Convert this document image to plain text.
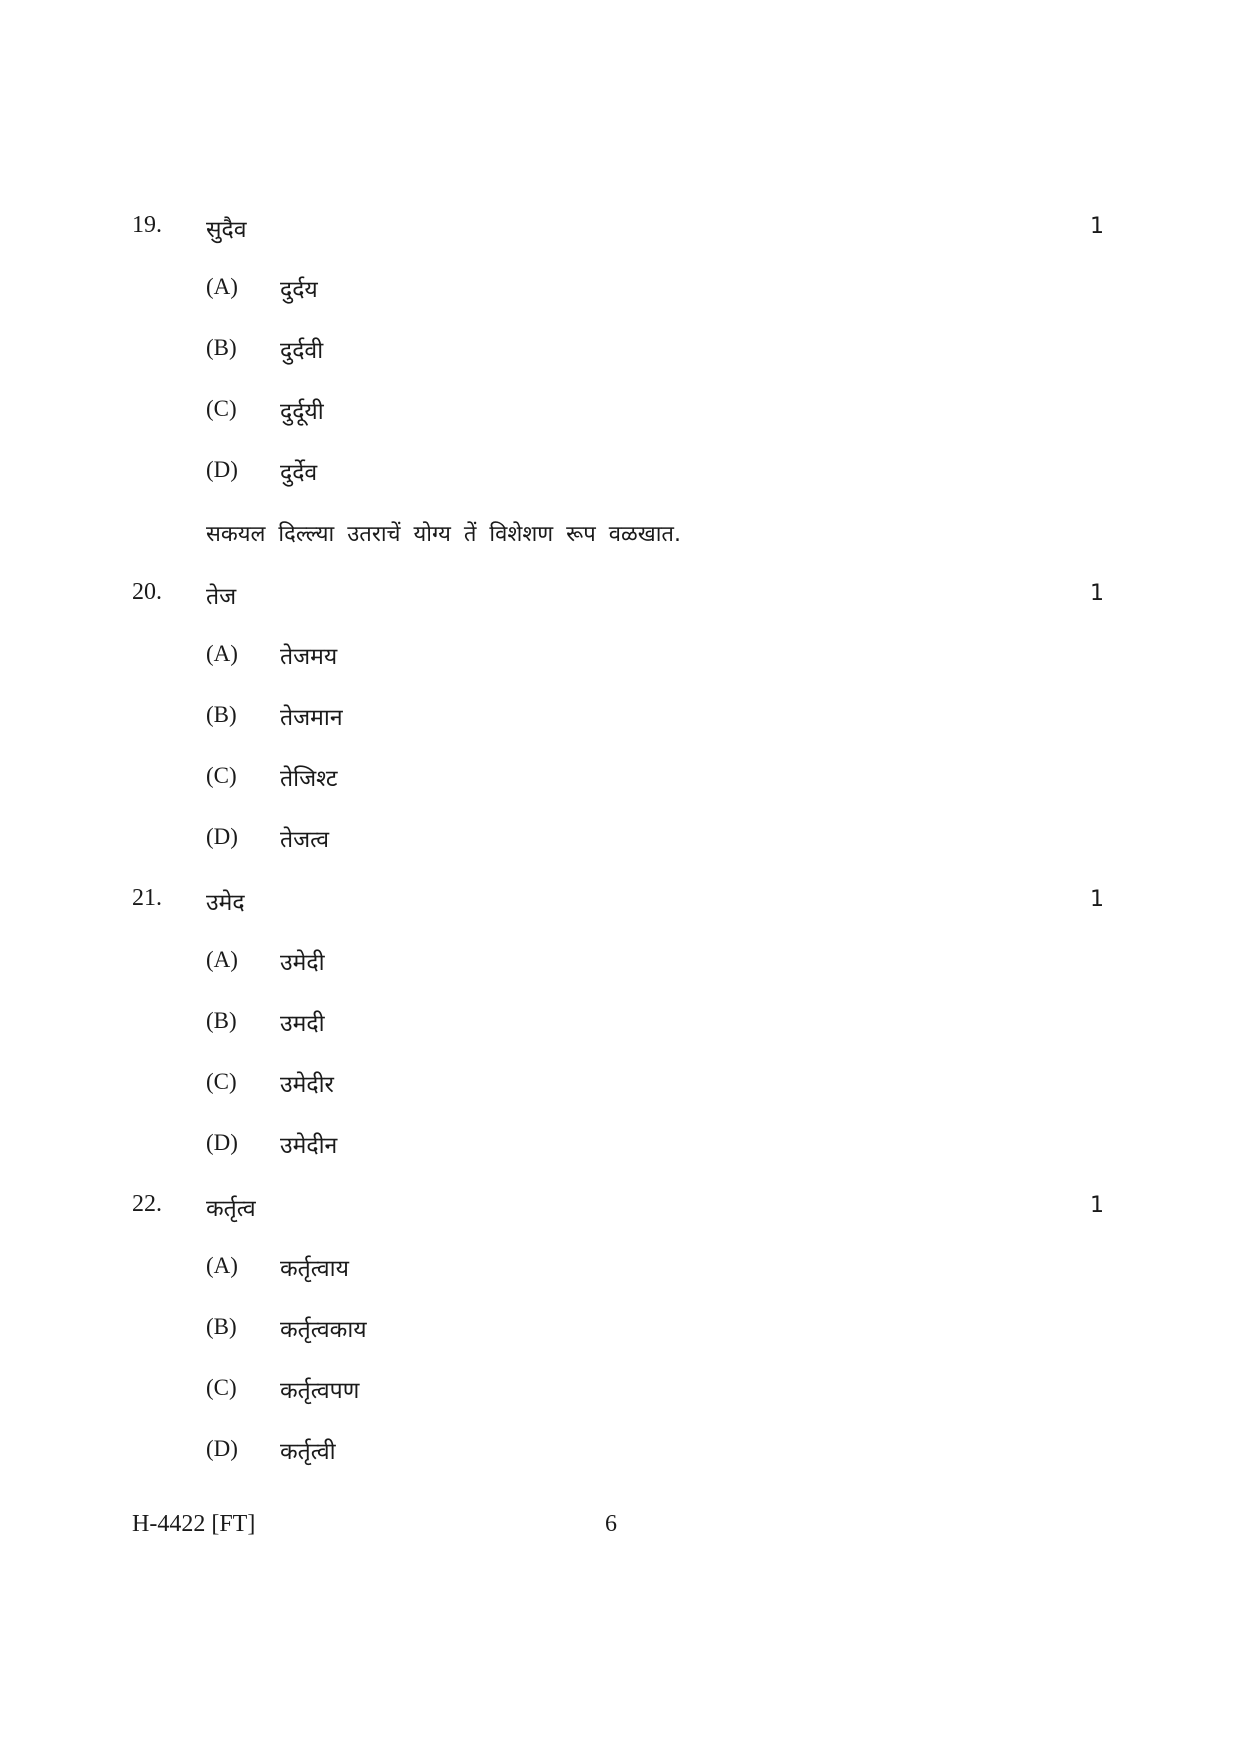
19. सुदैव	1
(A) दुर्दय
(B) दुर्दवी
(C) दुर्दूयी
(D) दुर्देव
सकयल दिल्ल्या उतराचें योग्य तें विशेशण रूप वळखात.
20. तेज	1
(A) तेजमय
(B) तेजमान
(C) तेजिश्ट
(D) तेजत्व
21. उमेद	1
(A) उमेदी
(B) उमदी
(C) उमेदीर
(D) उमेदीन
22. कर्तृत्व	1
(A) कर्तृत्वाय
(B) कर्तृत्वकाय
(C) कर्तृत्वपण
(D) कर्तृत्वी
H-4422 [FT]	6
